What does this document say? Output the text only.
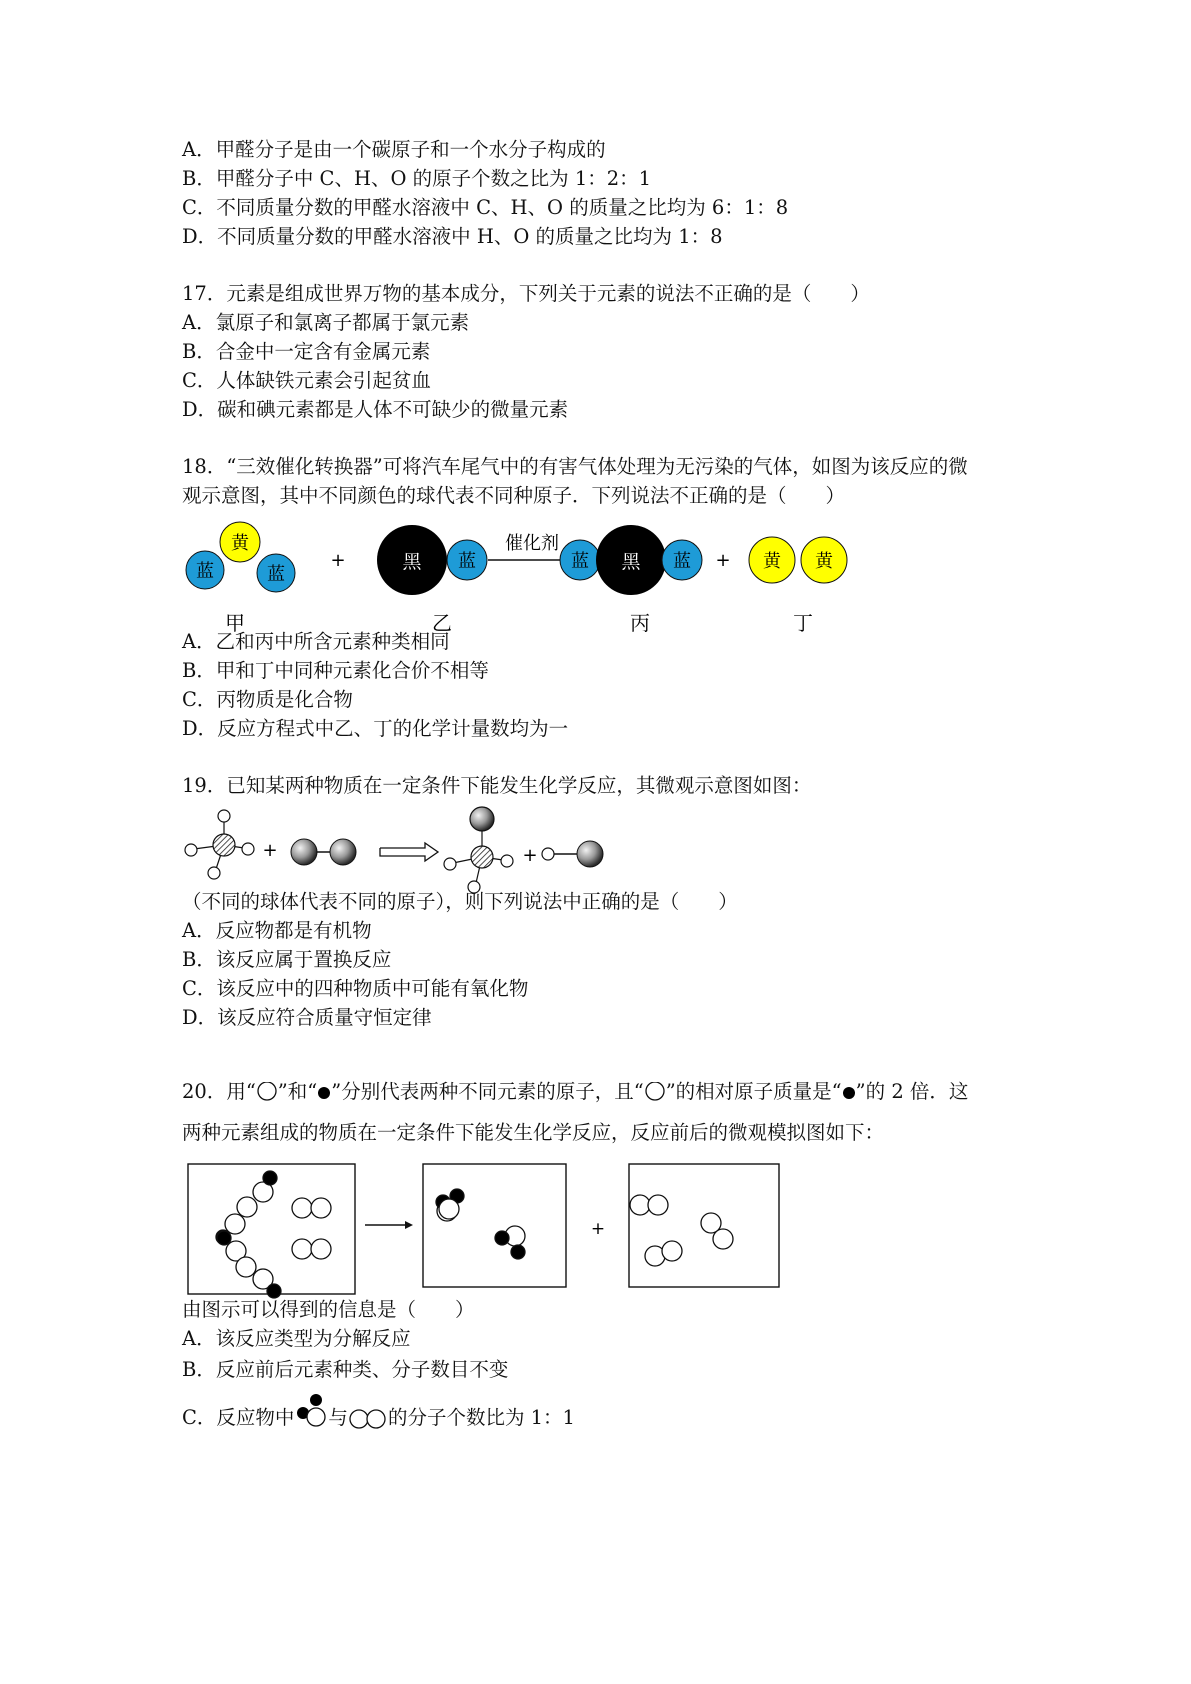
A．甲醛分子是由一个碳原子和一个水分子构成的
B．甲醛分子中 C、H、O 的原子个数之比为 1：2：1
C．不同质量分数的甲醛水溶液中 C、H、O 的质量之比均为 6：1：8
D．不同质量分数的甲醛水溶液中 H、O 的质量之比均为 1：8
17．元素是组成世界万物的基本成分，下列关于元素的说法不正确的是（　　）
A．氯原子和氯离子都属于氯元素
B．合金中一定含有金属元素
C．人体缺铁元素会引起贫血
D．碳和碘元素都是人体不可缺少的微量元素
18．“三效催化转换器”可将汽车尾气中的有害气体处理为无污染的气体，如图为该反应的微
观示意图，其中不同颜色的球代表不同种原子．下列说法不正确的是（　　）
黄
蓝	蓝
+	黑 蓝
催化剂
蓝 黑 蓝 + 黄 黄
甲	乙	丙	丁
A．乙和丙中所含元素种类相同
B．甲和丁中同种元素化合价不相等
C．丙物质是化合物
D．反应方程式中乙、丁的化学计量数均为一
19．已知某两种物质在一定条件下能发生化学反应，其微观示意图如图：
+	+
（不同的球体代表不同的原子），则下列说法中正确的是（　　）
A．反应物都是有机物
B．该反应属于置换反应
C．该反应中的四种物质中可能有氧化物
D．该反应符合质量守恒定律
20．用“ ”和“ ”分别代表两种不同元素的原子，且“ ”的相对原子质量是“ ”的 2 倍．这
两种元素组成的物质在一定条件下能发生化学反应，反应前后的微观模拟图如下：
+
由图示可以得到的信息是（　　）
A．该反应类型为分解反应
B．反应前后元素种类、分子数目不变
C．反应物中 与 的分子个数比为 1：1
